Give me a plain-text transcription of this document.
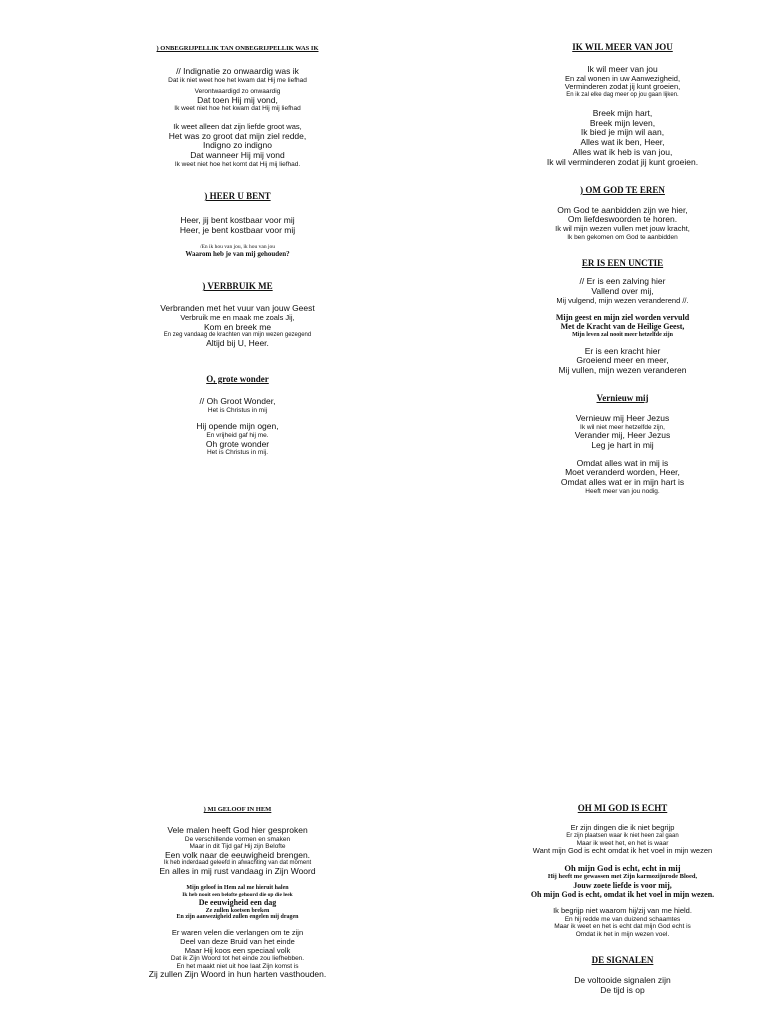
) ONBEGRIJPELLIK TAN ONBEGRIJPELLIK WAS IK
// Indignatie zo onwaardig was ik
Dat ik niet weet hoe het kwam dat Hij me liefhad
Verontwaardigd zo onwaardig
Dat toen Hij mij vond,
Ik weet niet hoe het kwam dat Hij mij liefhad
Ik weet alleen dat zijn liefde groot was,
Het was zo groot dat mijn ziel redde,
Indigno zo indigno
Dat wanneer Hij mij vond
Ik weet niet hoe het komt dat Hij mij liefhad.
) HEER U BENT
Heer, jij bent kostbaar voor mij
Heer, je bent kostbaar voor mij
/En ik hou van jou, ik hou van jou
Waarom heb je van mij gehouden?
) VERBRUIK ME
Verbranden met het vuur van jouw Geest
Verbruik me en maak me zoals Jij,
Kom en breek me
En zeg vandaag de krachten van mijn wezen gezegend
Altijd bij U, Heer.
O, grote wonder
// Oh Groot Wonder,
Het is Christus in mij
Hij opende mijn ogen,
En vrijheid gaf hij me.
Oh grote wonder
Het is Christus in mij.
IK WIL MEER VAN JOU
Ik wil meer van jou
En zal wonen in uw Aanwezigheid,
Verminderen zodat jij kunt groeien,
En ik zal elke dag meer op jou gaan lijken.
Breek mijn hart,
Breek mijn leven,
Ik bied je mijn wil aan,
Alles wat ik ben, Heer,
Alles wat ik heb is van jou,
Ik wil verminderen zodat jij kunt groeien.
) OM GOD TE EREN
Om God te aanbidden zijn we hier,
Om liefdeswoorden te horen.
Ik wil mijn wezen vullen met jouw kracht,
Ik ben gekomen om God te aanbidden
ER IS EEN UNCTIE
// Er is een zalving hier
Vallend over mij,
Mij vulgend, mijn wezen veranderend //.
Mijn geest en mijn ziel worden vervuld
Met de Kracht van de Heilige Geest,
Mijn leven zal nooit meer hetzelfde zijn
Er is een kracht hier
Groeiend meer en meer,
Mij vullen, mijn wezen veranderen
Vernieuw mij
Vernieuw mij Heer Jezus
Ik wil niet meer hetzelfde zijn,
Verander mij, Heer Jezus
Leg je hart in mij
Omdat alles wat in mij is
Moet veranderd worden, Heer,
Omdat alles wat er in mijn hart is
Heeft meer van jou nodig.
) MI GELOOF IN HEM
Vele malen heeft God hier gesproken
De verschillende vormen en smaken
Maar in dit Tijd gaf Hij zijn Belofte
Een volk naar de eeuwigheid brengen.
Ik heb inderdaad geleefd in afwachting van dat moment
En alles in mij rust vandaag in Zijn Woord
Mijn geloof in Hem zal me hieruit halen
Ik heb nooit een belofte gehoord die op die leek
De eeuwigheid een dag
Ze zullen koetsen breken
En zijn aanwezigheid zullen engelen mij dragen
Er waren velen die verlangen om te zijn
Deel van deze Bruid van het einde
Maar Hij koos een speciaal volk
Dat ik Zijn Woord tot het einde zou liefhebben.
En het maakt niet uit hoe laat Zijn komst is
Zij zullen Zijn Woord in hun harten vasthouden.
OH MI GOD IS ECHT
Er zijn dingen die ik niet begrijp
Er zijn plaatsen waar ik niet heen zal gaan
Maar ik weet het, en het is waar
Want mijn God is echt omdat ik het voel in mijn wezen
Oh mijn God is echt, echt in mij
Hij heeft me gewassen met Zijn karmozijnrode Bloed,
Jouw zoete liefde is voor mij,
Oh mijn God is echt, omdat ik het voel in mijn wezen.
Ik begrijp niet waarom hij/zij van me hield.
En hij redde me van duizend schaamtes
Maar ik weet en het is echt dat mijn God echt is
Omdat ik het in mijn wezen voel.
DE SIGNALEN
De voltooide signalen zijn
De tijd is op
